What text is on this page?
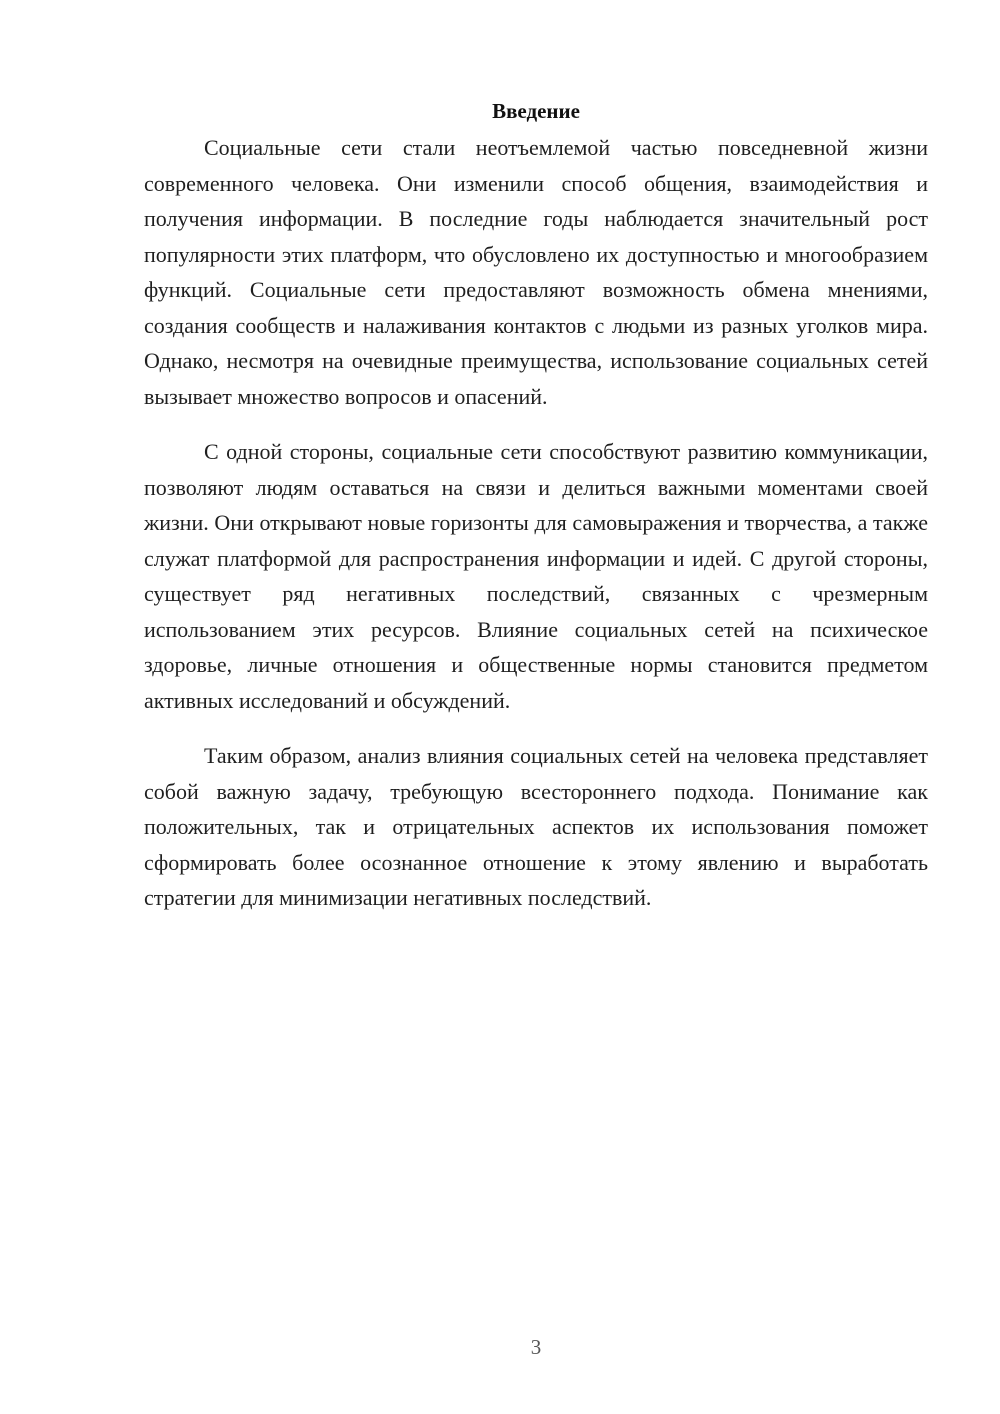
Введение

Социальные сети стали неотъемлемой частью повседневной жизни современного человека. Они изменили способ общения, взаимодействия и получения информации. В последние годы наблюдается значительный рост популярности этих платформ, что обусловлено их доступностью и многообразием функций. Социальные сети предоставляют возможность обмена мнениями, создания сообществ и налаживания контактов с людьми из разных уголков мира. Однако, несмотря на очевидные преимущества, использование социальных сетей вызывает множество вопросов и опасений.

С одной стороны, социальные сети способствуют развитию коммуникации, позволяют людям оставаться на связи и делиться важными моментами своей жизни. Они открывают новые горизонты для самовыражения и творчества, а также служат платформой для распространения информации и идей. С другой стороны, существует ряд негативных последствий, связанных с чрезмерным использованием этих ресурсов. Влияние социальных сетей на психическое здоровье, личные отношения и общественные нормы становится предметом активных исследований и обсуждений.

Таким образом, анализ влияния социальных сетей на человека представляет собой важную задачу, требующую всестороннего подхода. Понимание как положительных, так и отрицательных аспектов их использования поможет сформировать более осознанное отношение к этому явлению и выработать стратегии для минимизации негативных последствий.

3
